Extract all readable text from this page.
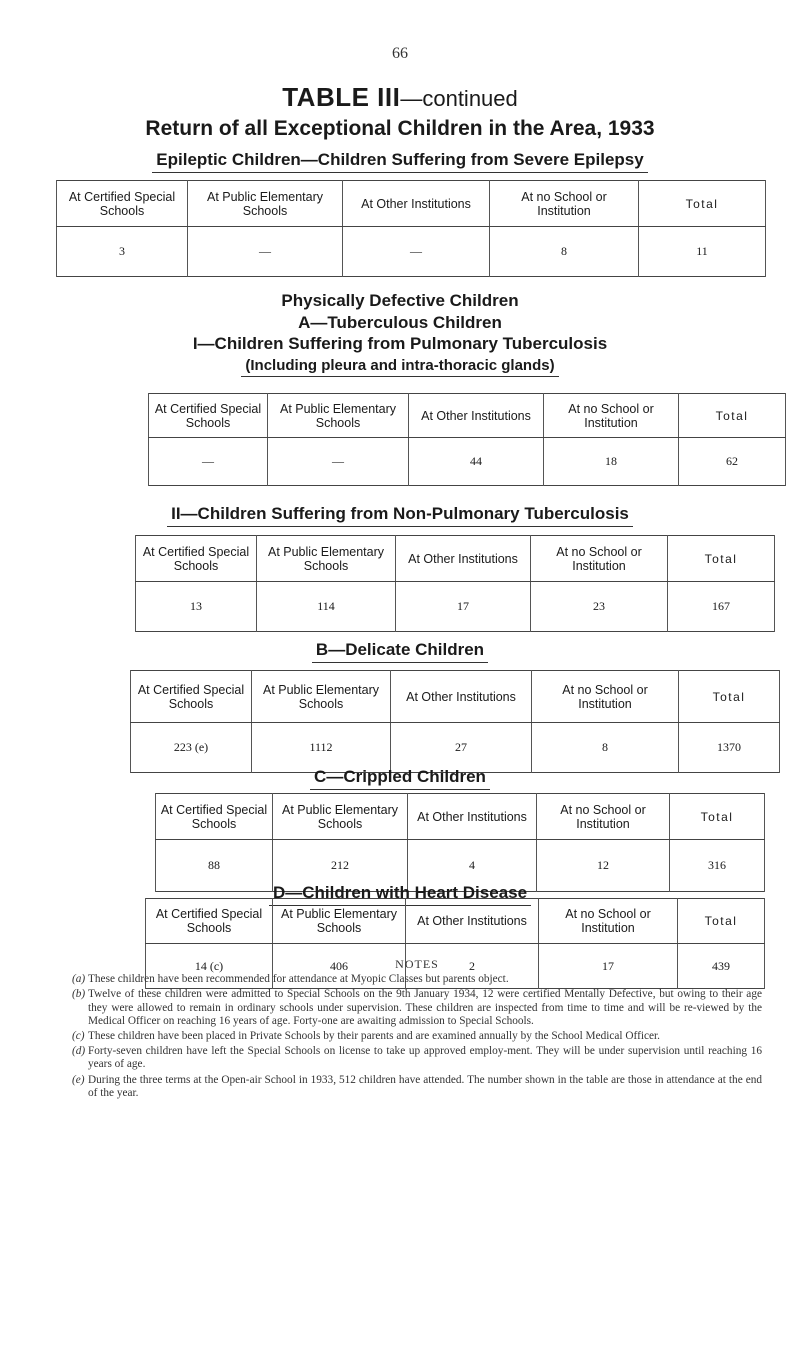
66
TABLE III—continued
Return of all Exceptional Children in the Area, 1933
Epileptic Children—Children Suffering from Severe Epilepsy
At Certified Special Schools	At Public Elementary Schools	At Other Institutions	At no School or Institution	Total
3	—	—	8	11
Physically Defective Children
A—Tuberculous Children
I—Children Suffering from Pulmonary Tuberculosis
(Including pleura and intra-thoracic glands)
At Certified Special Schools	At Public Elementary Schools	At Other Institutions	At no School or Institution	Total
—	—	44	18	62
II—Children Suffering from Non-Pulmonary Tuberculosis
At Certified Special Schools	At Public Elementary Schools	At Other Institutions	At no School or Institution	Total
13	114	17	23	167
B—Delicate Children
At Certified Special Schools	At Public Elementary Schools	At Other Institutions	At no School or Institution	Total
223 (e)	1112	27	8	1370
C—Crippled Children
At Certified Special Schools	At Public Elementary Schools	At Other Institutions	At no School or Institution	Total
88	212	4	12	316
D—Children with Heart Disease
At Certified Special Schools	At Public Elementary Schools	At Other Institutions	At no School or Institution	Total
14 (c)	406	2	17	439
NOTES
(a) These children have been recommended for attendance at Myopic Classes but parents object.
(b) Twelve of these children were admitted to Special Schools on the 9th January 1934, 12 were certified Mentally Defective, but owing to their age they were allowed to remain in ordinary schools under supervision. These children are inspected from time to time and will be re-viewed by the Medical Officer on reaching 16 years of age. Forty-one are awaiting admission to Special Schools.
(c) These children have been placed in Private Schools by their parents and are examined annually by the School Medical Officer.
(d) Forty-seven children have left the Special Schools on license to take up approved employ-ment. They will be under supervision until reaching 16 years of age.
(e) During the three terms at the Open-air School in 1933, 512 children have attended. The number shown in the table are those in attendance at the end of the year.
